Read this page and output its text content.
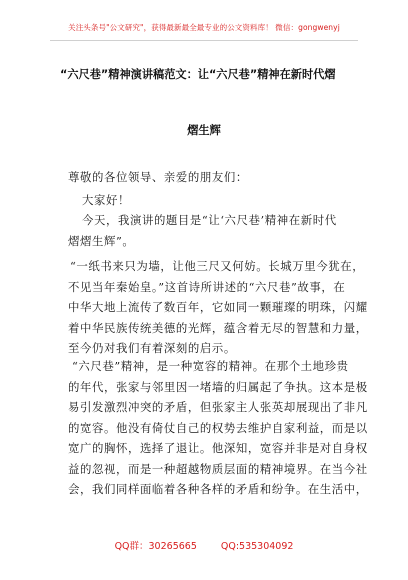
关注头条号"公文研究"，获得最新最全最专业的公文资料库！ 微信：gongwenyj
“六尺巷”精神演讲稿范文：让“六尺巷”精神在新时代熠
熠生辉
尊敬的各位领导、亲爱的朋友们：
大家好！
今天，我演讲的题目是“让‘六尺巷’精神在新时代
熠熠生辉”。
“一纸书来只为墙，让他三尺又何妨。长城万里今犹在，
不见当年秦始皇。”这首诗所讲述的“六尺巷”故事，在
中华大地上流传了数百年，它如同一颗璀璨的明珠，闪耀
着中华民族传统美德的光辉，蕴含着无尽的智慧和力量，
至今仍对我们有着深刻的启示。
“六尺巷”精神，是一种宽容的精神。在那个土地珍贵
的年代，张家与邻里因一堵墙的归属起了争执。这本是极
易引发激烈冲突的矛盾，但张家主人张英却展现出了非凡
的宽容。他没有倚仗自己的权势去维护自家利益，而是以
宽广的胸怀，选择了退让。他深知，宽容并非是对自身权
益的忽视，而是一种超越物质层面的精神境界。在当今社
会，我们同样面临着各种各样的矛盾和纷争。在生活中，
QQ群：30265665	QQ:535304092
